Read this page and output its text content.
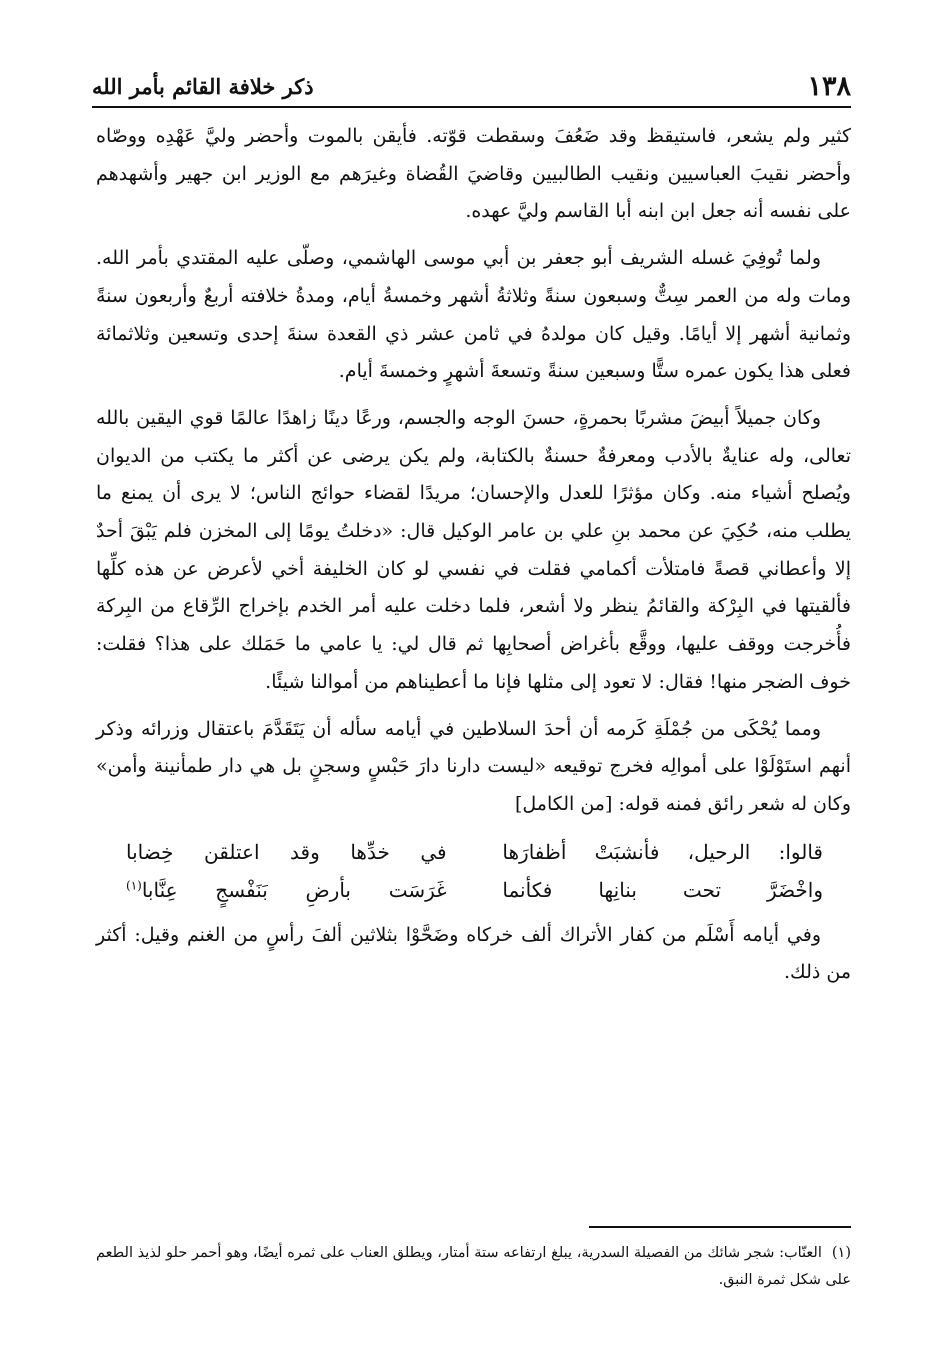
١٣٨
ذكر خلافة القائم بأمر الله

كثير ولم يشعر، فاستيقظ وقد ضَعُفَ وسقطت قوّته. فأيقن بالموت وأحضر وليَّ عَهْدِه ووصّاه وأحضر نقيبَ العباسيين ونقيب الطالبيين وقاضيَ القُضاة وغيرَهم مع الوزير ابن جهير وأشهدهم على نفسه أنه جعل ابن ابنه أبا القاسم وليَّ عهده.

ولما تُوفِيَ غسله الشريف أبو جعفر بن أبي موسى الهاشمي، وصلّى عليه المقتدي بأمر الله. ومات وله من العمر سِتٌّ وسبعون سنةً وثلاثةُ أشهر وخمسةُ أيام، ومدةُ خلافته أربعٌ وأربعون سنةً وثمانية أشهر إلا أيامًا. وقيل كان مولدهُ في ثامن عشر ذي القعدة سنةَ إحدى وتسعين وثلاثمائة فعلى هذا يكون عمره ستًّا وسبعين سنةً وتسعةَ أشهرٍ وخمسةَ أيام.

وكان جميلاً أبيضَ مشربًا بحمرةٍ، حسنَ الوجه والجسم، ورعًا دينًا زاهدًا عالمًا قوي اليقين بالله تعالى، وله عنايةٌ بالأدب ومعرفةٌ حسنةٌ بالكتابة، ولم يكن يرضى عن أكثر ما يكتب من الديوان ويُصلح أشياء منه. وكان مؤثرًا للعدل والإحسان؛ مريدًا لقضاء حوائج الناس؛ لا يرى أن يمنع ما يطلب منه، حُكِيَ عن محمد بنِ علي بن عامر الوكيل قال: «دخلتُ يومًا إلى المخزن فلم يَبْقَ أحدٌ إلا وأعطاني قصةً فامتلأت أكمامي فقلت في نفسي لو كان الخليفة أخي لأعرض عن هذه كلِّها فألقيتها في البِرْكة والقائمُ ينظر ولا أشعر، فلما دخلت عليه أمر الخدم بإخراج الرِّقاع من البِركة فأُخرجت ووقف عليها، ووقَّع بأغراض أصحابِها ثم قال لي: يا عامي ما حَمَلك على هذا؟ فقلت: خوف الضجر منها! فقال: لا تعود إلى مثلها فإنا ما أعطيناهم من أموالنا شيئًا.

ومما يُحْكَى من جُمْلَةِ كَرمه أن أحدَ السلاطين في أيامه سأله أن يَتَقَدَّمَ باعتقال وزرائه وذكر أنهم استَوْلَوْا على أموالِه فخرج توقيعه «ليست دارنا دارَ حَبْسٍ وسجنٍ بل هي دار طمأنينة وأمن» وكان له شعر رائق فمنه قوله: [من الكامل]

قالوا: الرحيل، فأنشبَتْ أظفارَها
في خدِّها وقد اعتلقن خِضابا
واخْضَرَّ تحت بنانِها فكأنما
غَرَسَت بأرضِ بَنَفْسجٍ عِنَّابا$^{(١)}$

وفي أيامه أَسْلَم من كفار الأتراك ألف خركاه وضَحَّوْا بثلاثين ألفَ رأسٍ من الغنم وقيل: أكثر من ذلك.

(١)العنّاب: شجر شائك من الفصيلة السدرية، يبلغ ارتفاعه ستة أمتار، ويطلق العناب على ثمره أيضًا، وهو أحمر حلو لذيذ الطعم على شكل ثمرة النبق.
